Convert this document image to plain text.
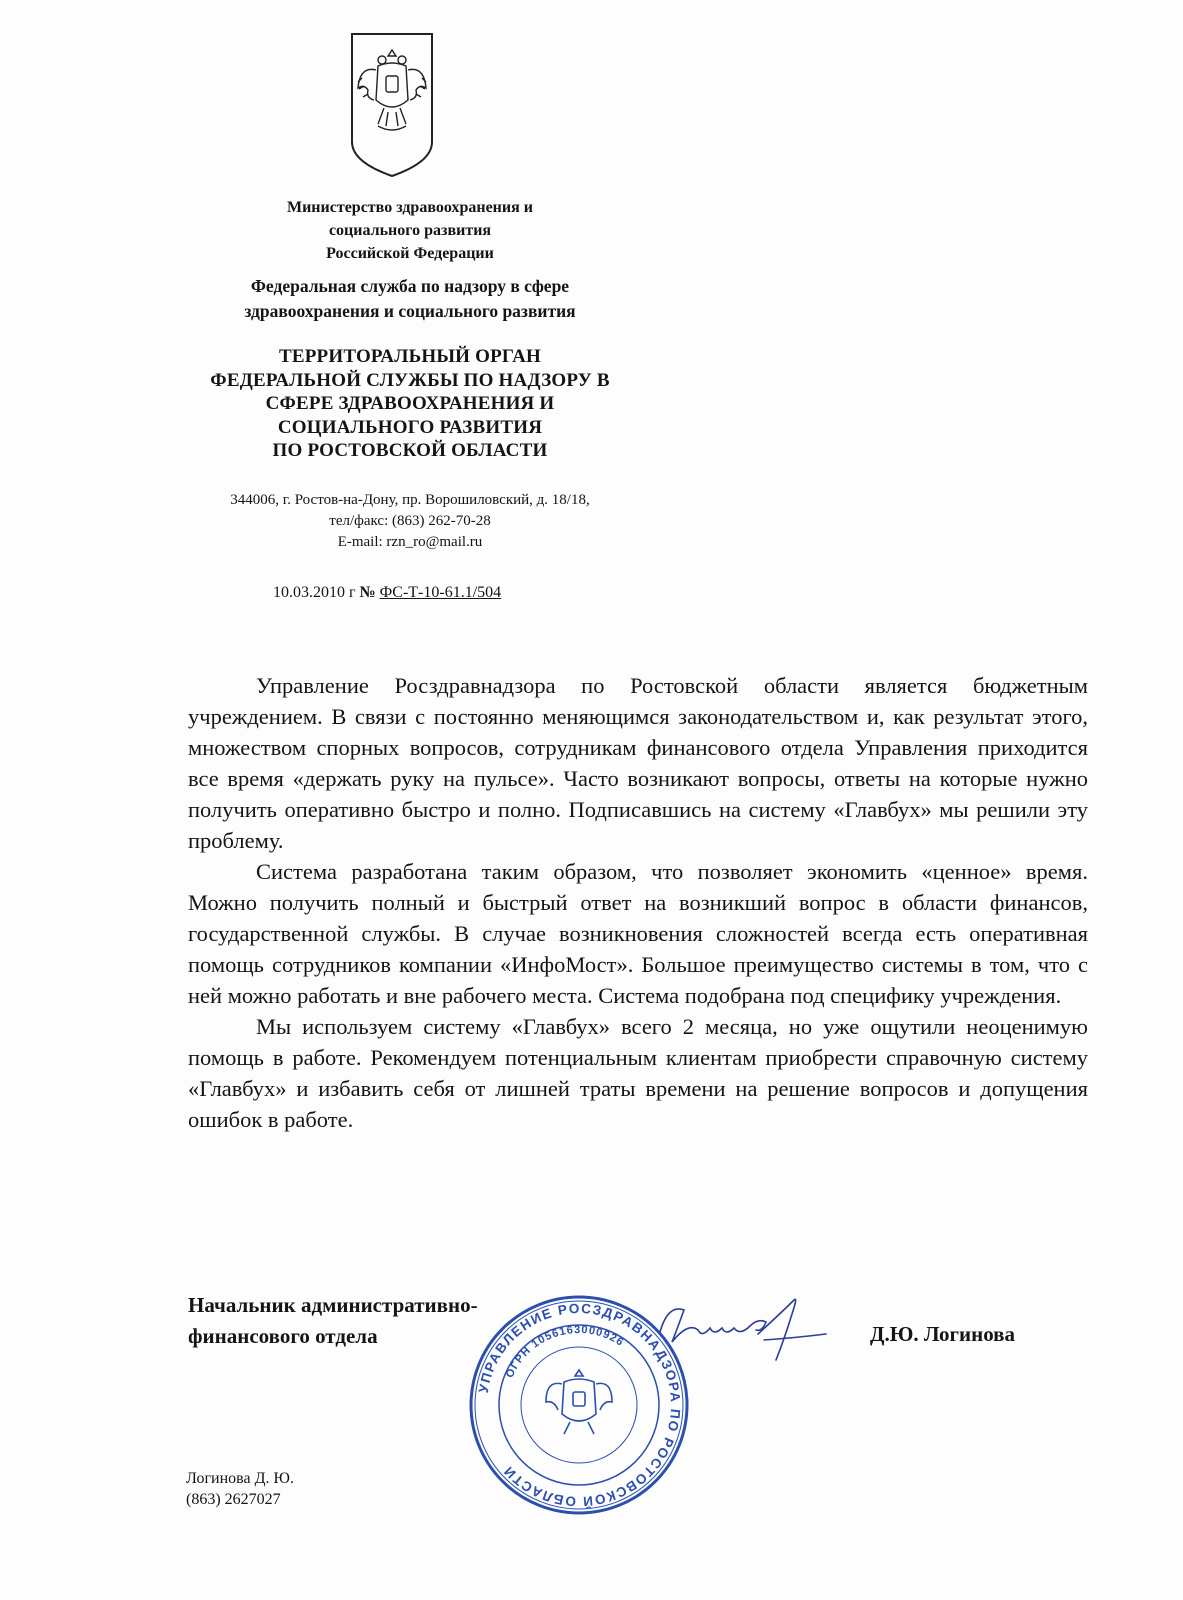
Министерство здравоохранения и
социального развития
Российской Федерации
Федеральная служба по надзору в сфере
здравоохранения и социального развития
ТЕРРИТОРАЛЬНЫЙ ОРГАН
ФЕДЕРАЛЬНОЙ СЛУЖБЫ ПО НАДЗОРУ В
СФЕРЕ ЗДРАВООХРАНЕНИЯ И
СОЦИАЛЬНОГО РАЗВИТИЯ
ПО РОСТОВСКОЙ ОБЛАСТИ
344006, г. Ростов-на-Дону, пр. Ворошиловский, д. 18/18,
тел/факс: (863) 262-70-28
E-mail: rzn_ro@mail.ru
10.03.2010 г № ФС-Т-10-61.1/504

Управление Росздравнадзора по Ростовской области является бюджетным учреждением. В связи с постоянно меняющимся законодательством и, как результат этого, множеством спорных вопросов, сотрудникам финансового отдела Управления приходится все время «держать руку на пульсе». Часто возникают вопросы, ответы на которые нужно получить оперативно быстро и полно. Подписавшись на систему «Главбух» мы решили эту проблему.

Система разработана таким образом, что позволяет экономить «ценное» время. Можно получить полный и быстрый ответ на возникший вопрос в области финансов, государственной службы. В случае возникновения сложностей всегда есть оперативная помощь сотрудников компании «ИнфоМост». Большое преимущество системы в том, что с ней можно работать и вне рабочего места. Система подобрана под специфику учреждения.

Мы используем систему «Главбух» всего 2 месяца, но уже ощутили неоценимую помощь в работе. Рекомендуем потенциальным клиентам приобрести справочную систему «Главбух» и избавить себя от лишней траты времени на решение вопросов и допущения ошибок в работе.

Начальник административно-
финансового отдела
УПРАВЛЕНИЕ РОСЗДРАВНАДЗОРА ПО РОСТОВСКОЙ ОБЛАСТИ
ОГРН 1056163000926	Д.Ю. Логинова
Логинова Д. Ю.
(863) 2627027
